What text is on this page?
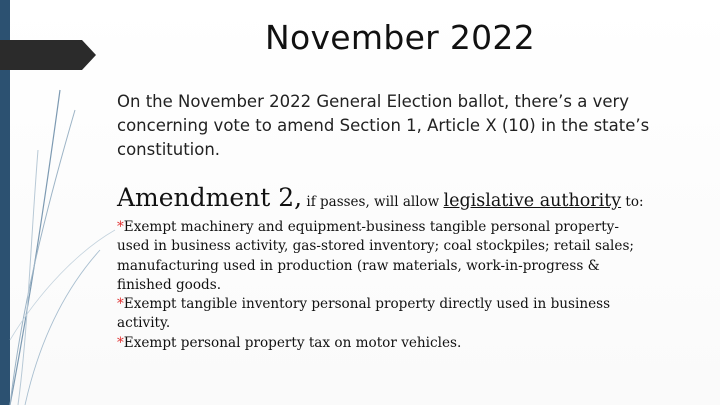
November 2022

On the November 2022 General Election ballot, there’s a very concerning vote to amend Section 1, Article X (10) in the state’s constitution.

Amendment 2, if passes, will allow legislative authority to:
*Exempt machinery and equipment-business tangible personal property-used in business activity, gas-stored inventory; coal stockpiles; retail sales; manufacturing used in production (raw materials, work-in-progress & finished goods.
*Exempt tangible inventory personal property directly used in business activity.
*Exempt personal property tax on motor vehicles.
